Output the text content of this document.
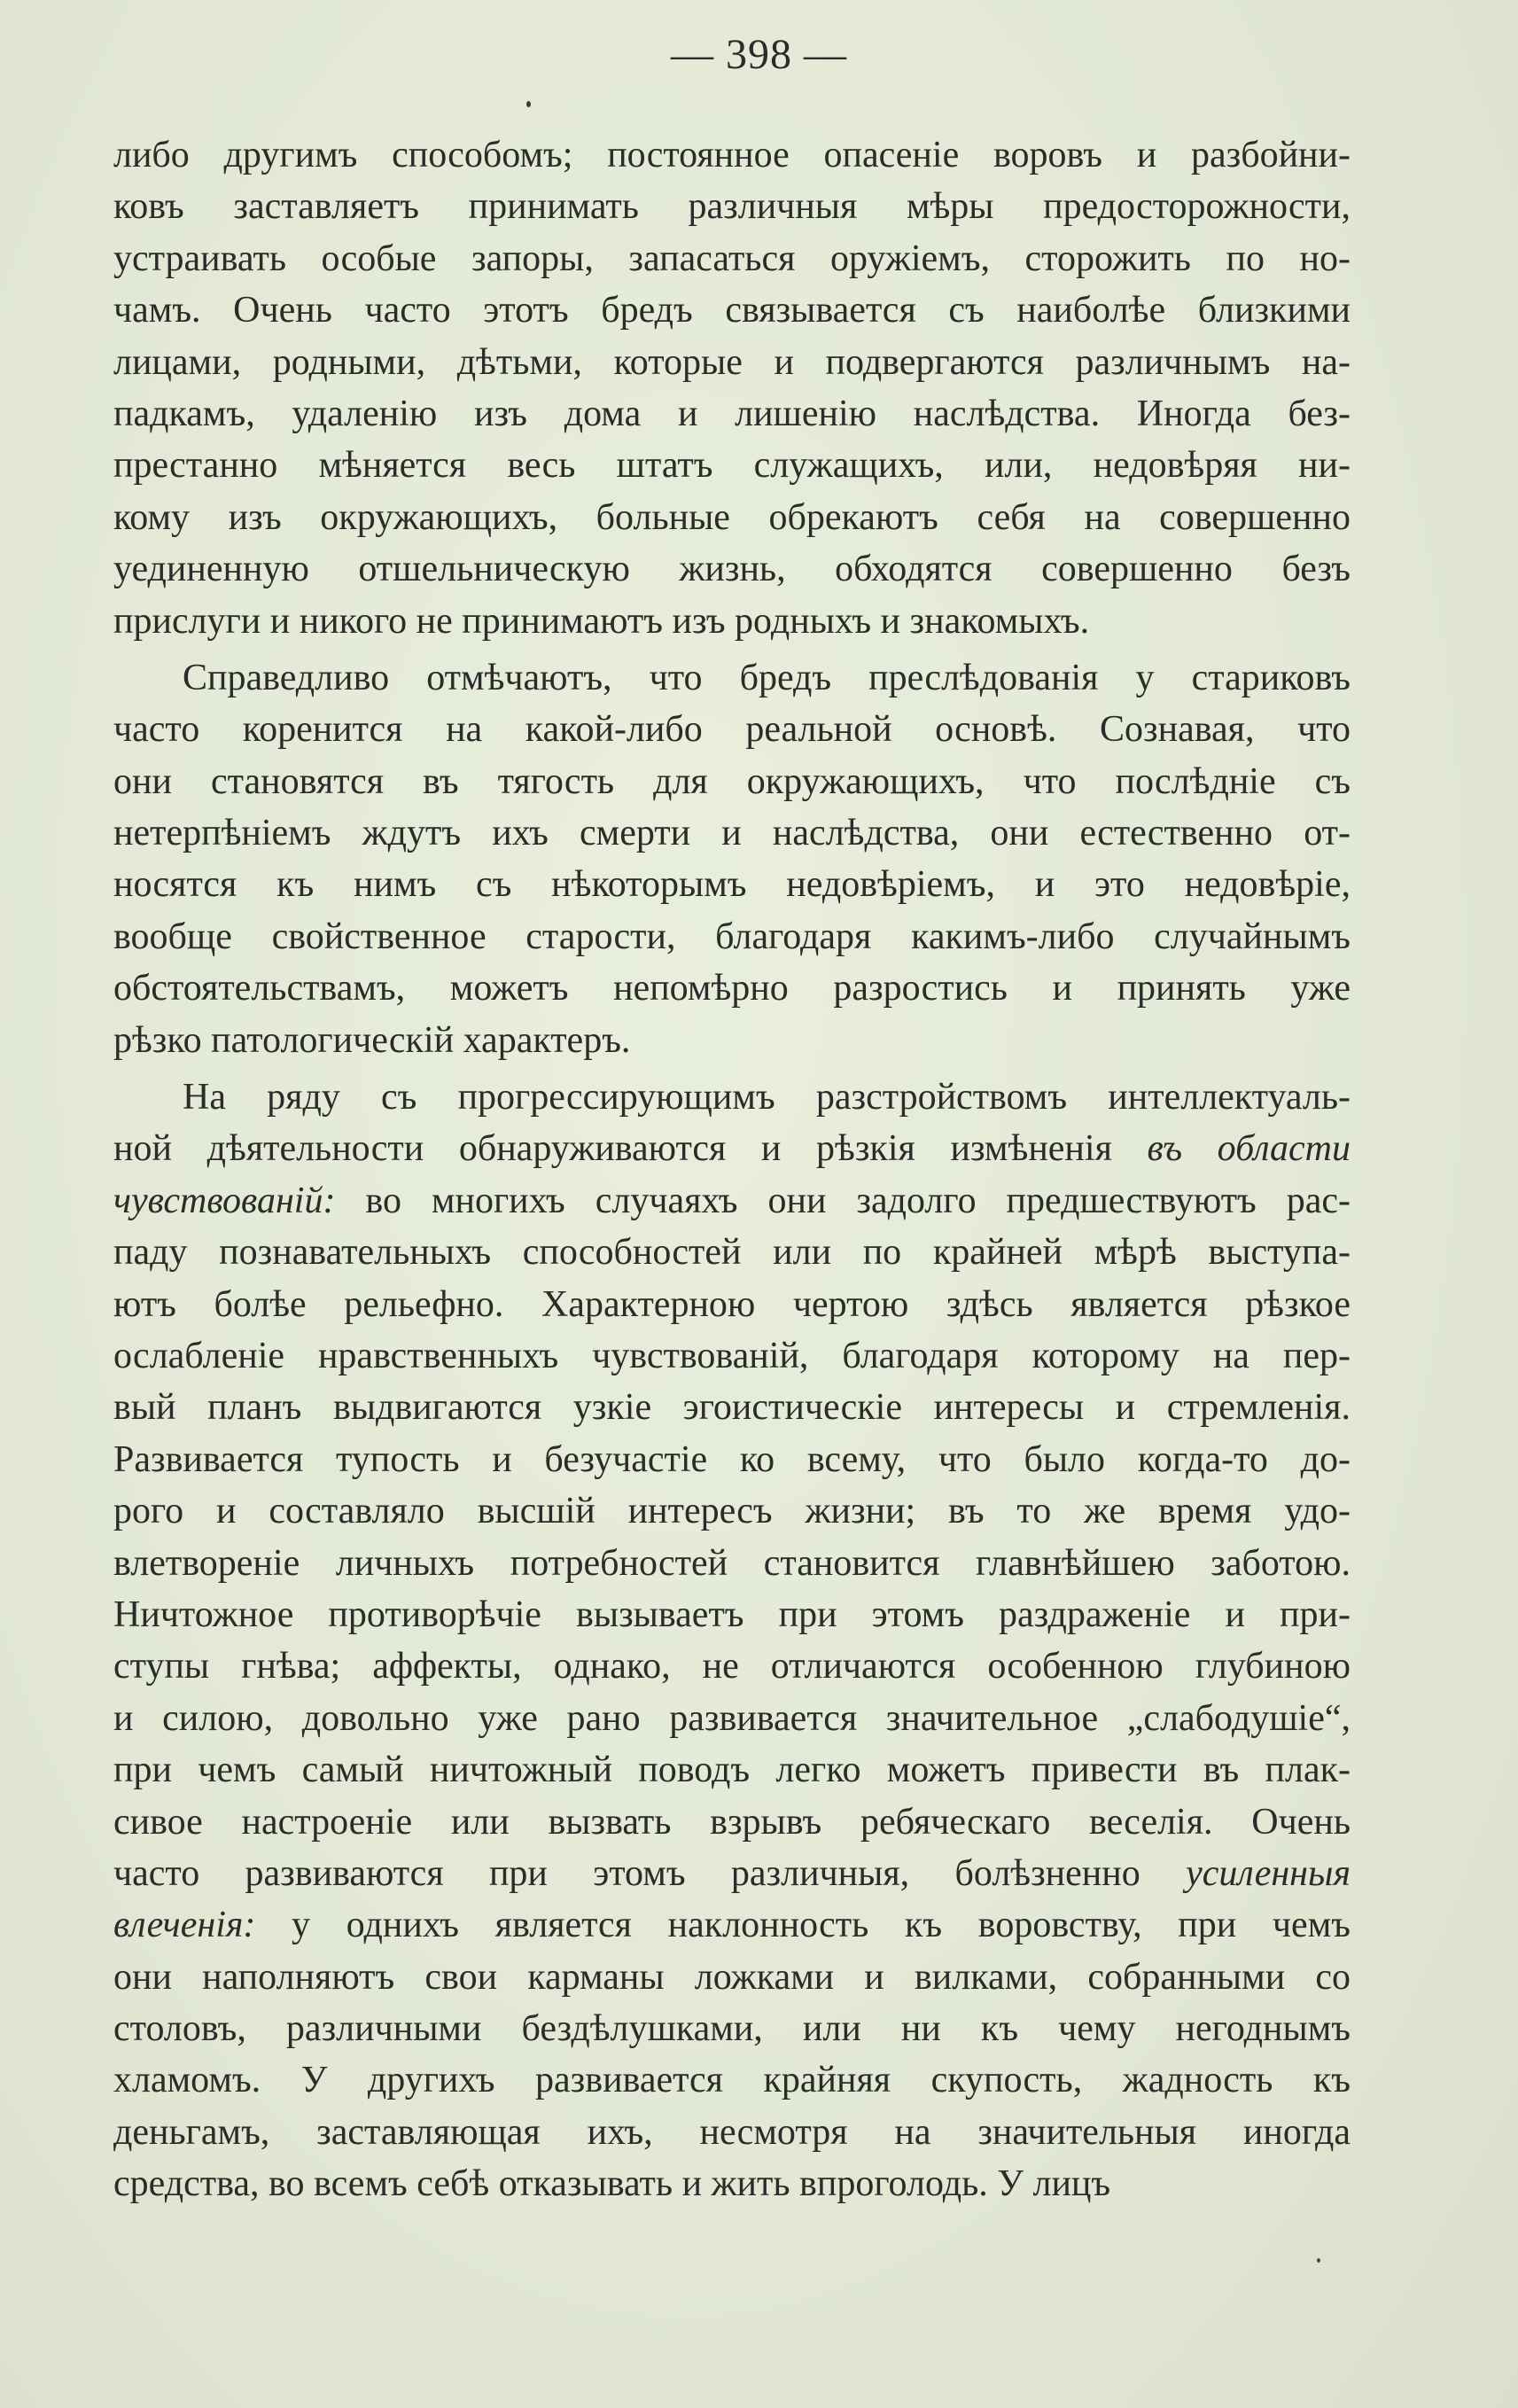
— 398 —
либо другимъ способомъ; постоянное опасеніе воровъ и разбойни-
ковъ заставляетъ принимать различныя мѣры предосторожности,
устраивать особые запоры, запасаться оружіемъ, сторожить по но-
чамъ. Очень часто этотъ бредъ связывается съ наиболѣе близкими
лицами, родными, дѣтьми, которые и подвергаются различнымъ на-
падкамъ, удаленію изъ дома и лишенію наслѣдства. Иногда без-
престанно мѣняется весь штатъ служащихъ, или, недовѣряя ни-
кому изъ окружающихъ, больные обрекаютъ себя на совершенно
уединенную отшельническую жизнь, обходятся совершенно безъ
прислуги и никого не принимаютъ изъ родныхъ и знакомыхъ.
Справедливо отмѣчаютъ, что бредъ преслѣдованія у стариковъ
часто коренится на какой-либо реальной основѣ. Сознавая, что
они становятся въ тягость для окружающихъ, что послѣдніе съ
нетерпѣніемъ ждутъ ихъ смерти и наслѣдства, они естественно от-
носятся къ нимъ съ нѣкоторымъ недовѣріемъ, и это недовѣріе,
вообще свойственное старости, благодаря какимъ-либо случайнымъ
обстоятельствамъ, можетъ непомѣрно разростись и принять уже
рѣзко патологическій характеръ.
На ряду съ прогрессирующимъ разстройствомъ интеллектуаль-
ной дѣятельности обнаруживаются и рѣзкія измѣненія въ области
чувствованій: во многихъ случаяхъ они задолго предшествуютъ рас-
паду познавательныхъ способностей или по крайней мѣрѣ выступа-
ютъ болѣе рельефно. Характерною чертою здѣсь является рѣзкое
ослабленіе нравственныхъ чувствованій, благодаря которому на пер-
вый планъ выдвигаются узкіе эгоистическіе интересы и стремленія.
Развивается тупость и безучастіе ко всему, что было когда-то до-
рого и составляло высшій интересъ жизни; въ то же время удо-
влетвореніе личныхъ потребностей становится главнѣйшею заботою.
Ничтожное противорѣчіе вызываетъ при этомъ раздраженіе и при-
ступы гнѣва; аффекты, однако, не отличаются особенною глубиною
и силою, довольно уже рано развивается значительное „слабодушіе“,
при чемъ самый ничтожный поводъ легко можетъ привести въ плак-
сивое настроеніе или вызвать взрывъ ребяческаго веселія. Очень
часто развиваются при этомъ различныя, болѣзненно усиленныя
влеченія: у однихъ является наклонность къ воровству, при чемъ
они наполняютъ свои карманы ложками и вилками, собранными со
столовъ, различными бездѣлушками, или ни къ чему негоднымъ
хламомъ. У другихъ развивается крайняя скупость, жадность къ
деньгамъ, заставляющая ихъ, несмотря на значительныя иногда
средства, во всемъ себѣ отказывать и жить впроголодь. У лицъ
